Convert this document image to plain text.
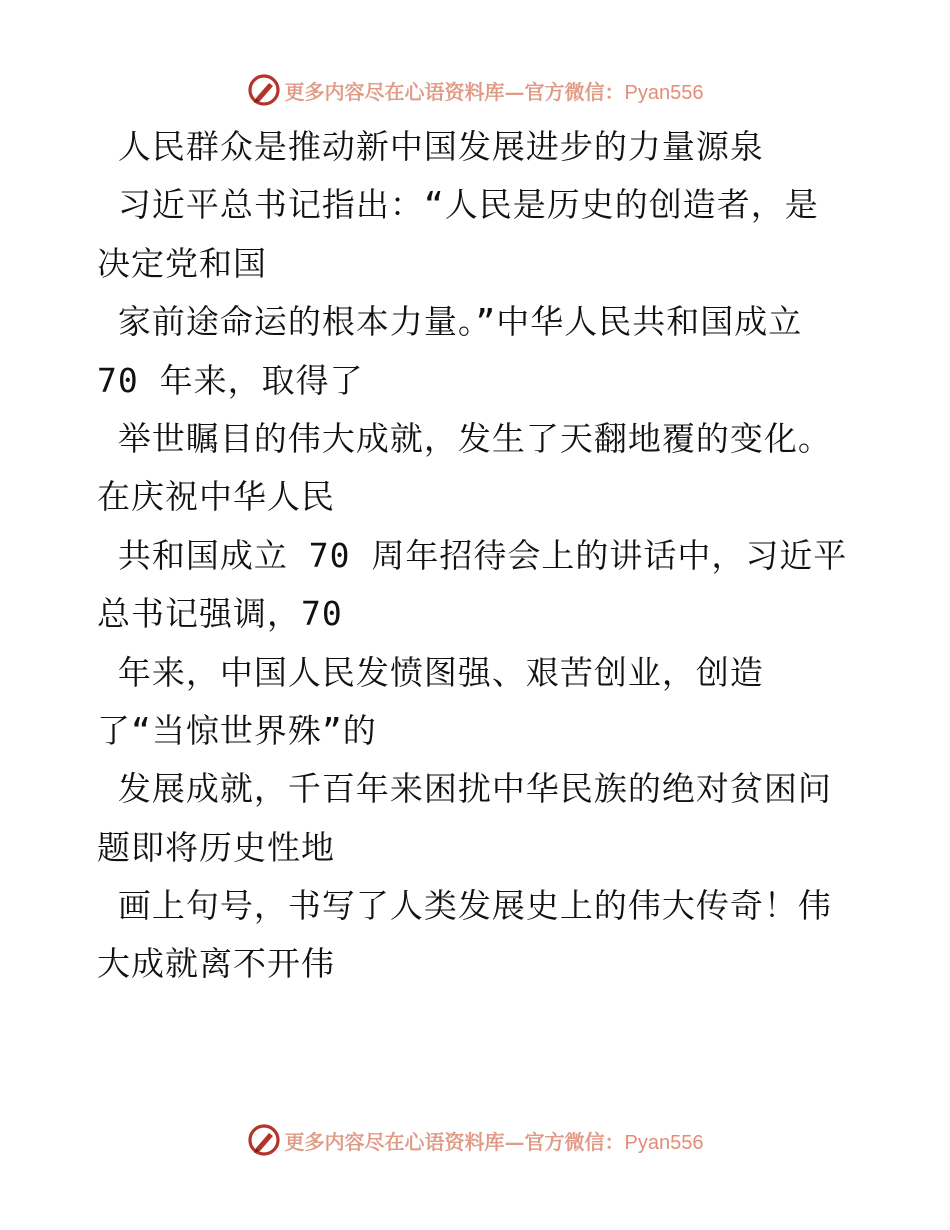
更多内容尽在心语资料库—官方微信：Pyan556
人民群众是推动新中国发展进步的力量源泉
习近平总书记指出：“人民是历史的创造者，是
决定党和国
家前途命运的根本力量。”中华人民共和国成立
70 年来，取得了
举世瞩目的伟大成就，发生了天翻地覆的变化。
在庆祝中华人民
共和国成立 70 周年招待会上的讲话中，习近平
总书记强调，70
年来，中国人民发愤图强、艰苦创业，创造
了“当惊世界殊”的
发展成就，千百年来困扰中华民族的绝对贫困问
题即将历史性地
画上句号，书写了人类发展史上的伟大传奇！伟
大成就离不开伟
更多内容尽在心语资料库—官方微信：Pyan556
